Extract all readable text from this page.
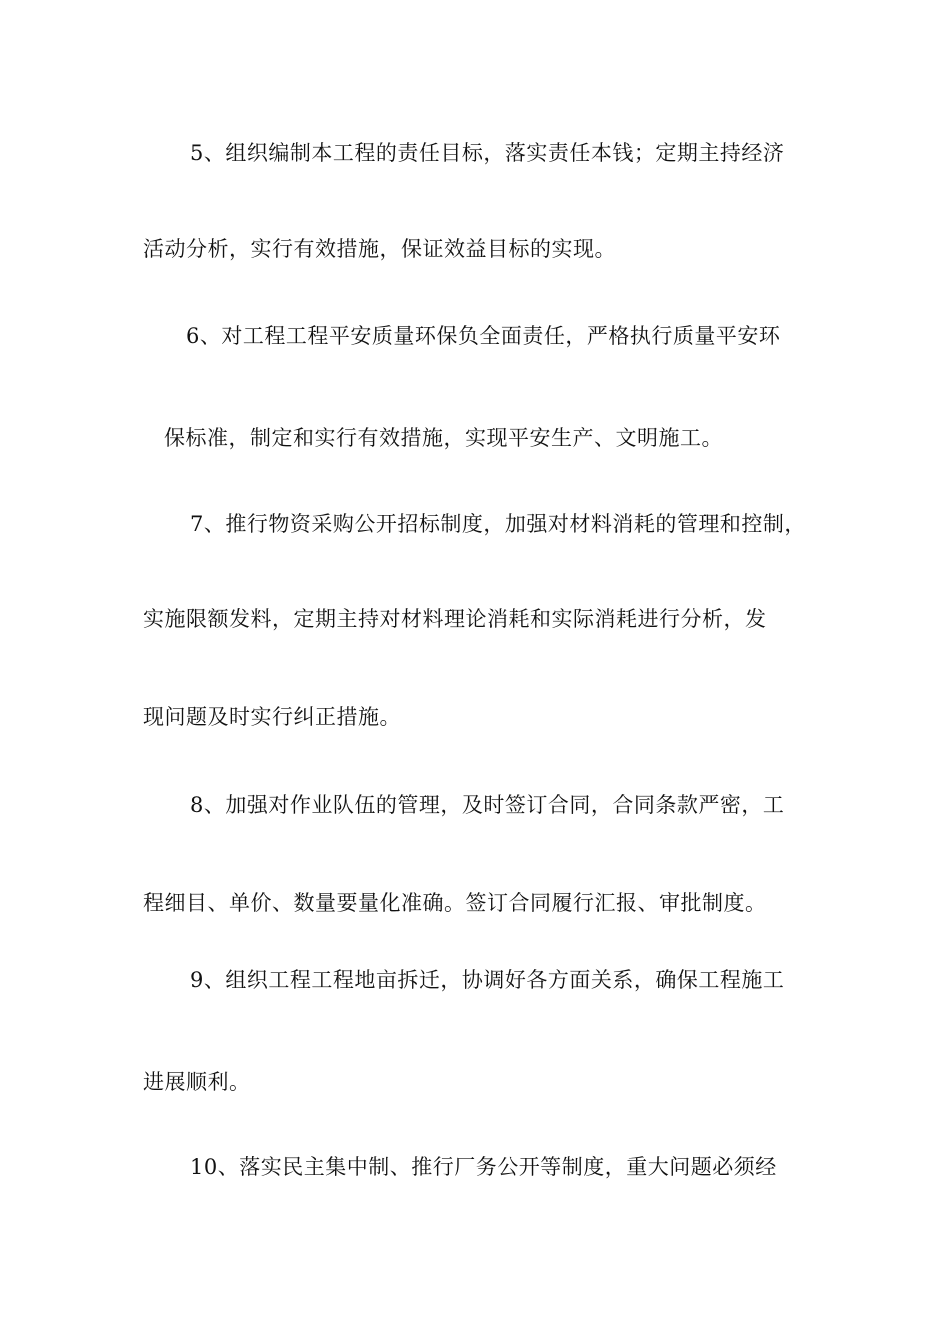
5、组织编制本工程的责任目标，落实责任本钱；定期主持经济
活动分析，实行有效措施，保证效益目标的实现。
6、对工程工程平安质量环保负全面责任，严格执行质量平安环
保标准，制定和实行有效措施，实现平安生产、文明施工。
7、推行物资采购公开招标制度，加强对材料消耗的管理和控制，
实施限额发料，定期主持对材料理论消耗和实际消耗进行分析，发
现问题及时实行纠正措施。
8、加强对作业队伍的管理，及时签订合同，合同条款严密，工
程细目、单价、数量要量化准确。签订合同履行汇报、审批制度。
9、组织工程工程地亩拆迁，协调好各方面关系，确保工程施工
进展顺利。
10、落实民主集中制、推行厂务公开等制度，重大问题必须经
